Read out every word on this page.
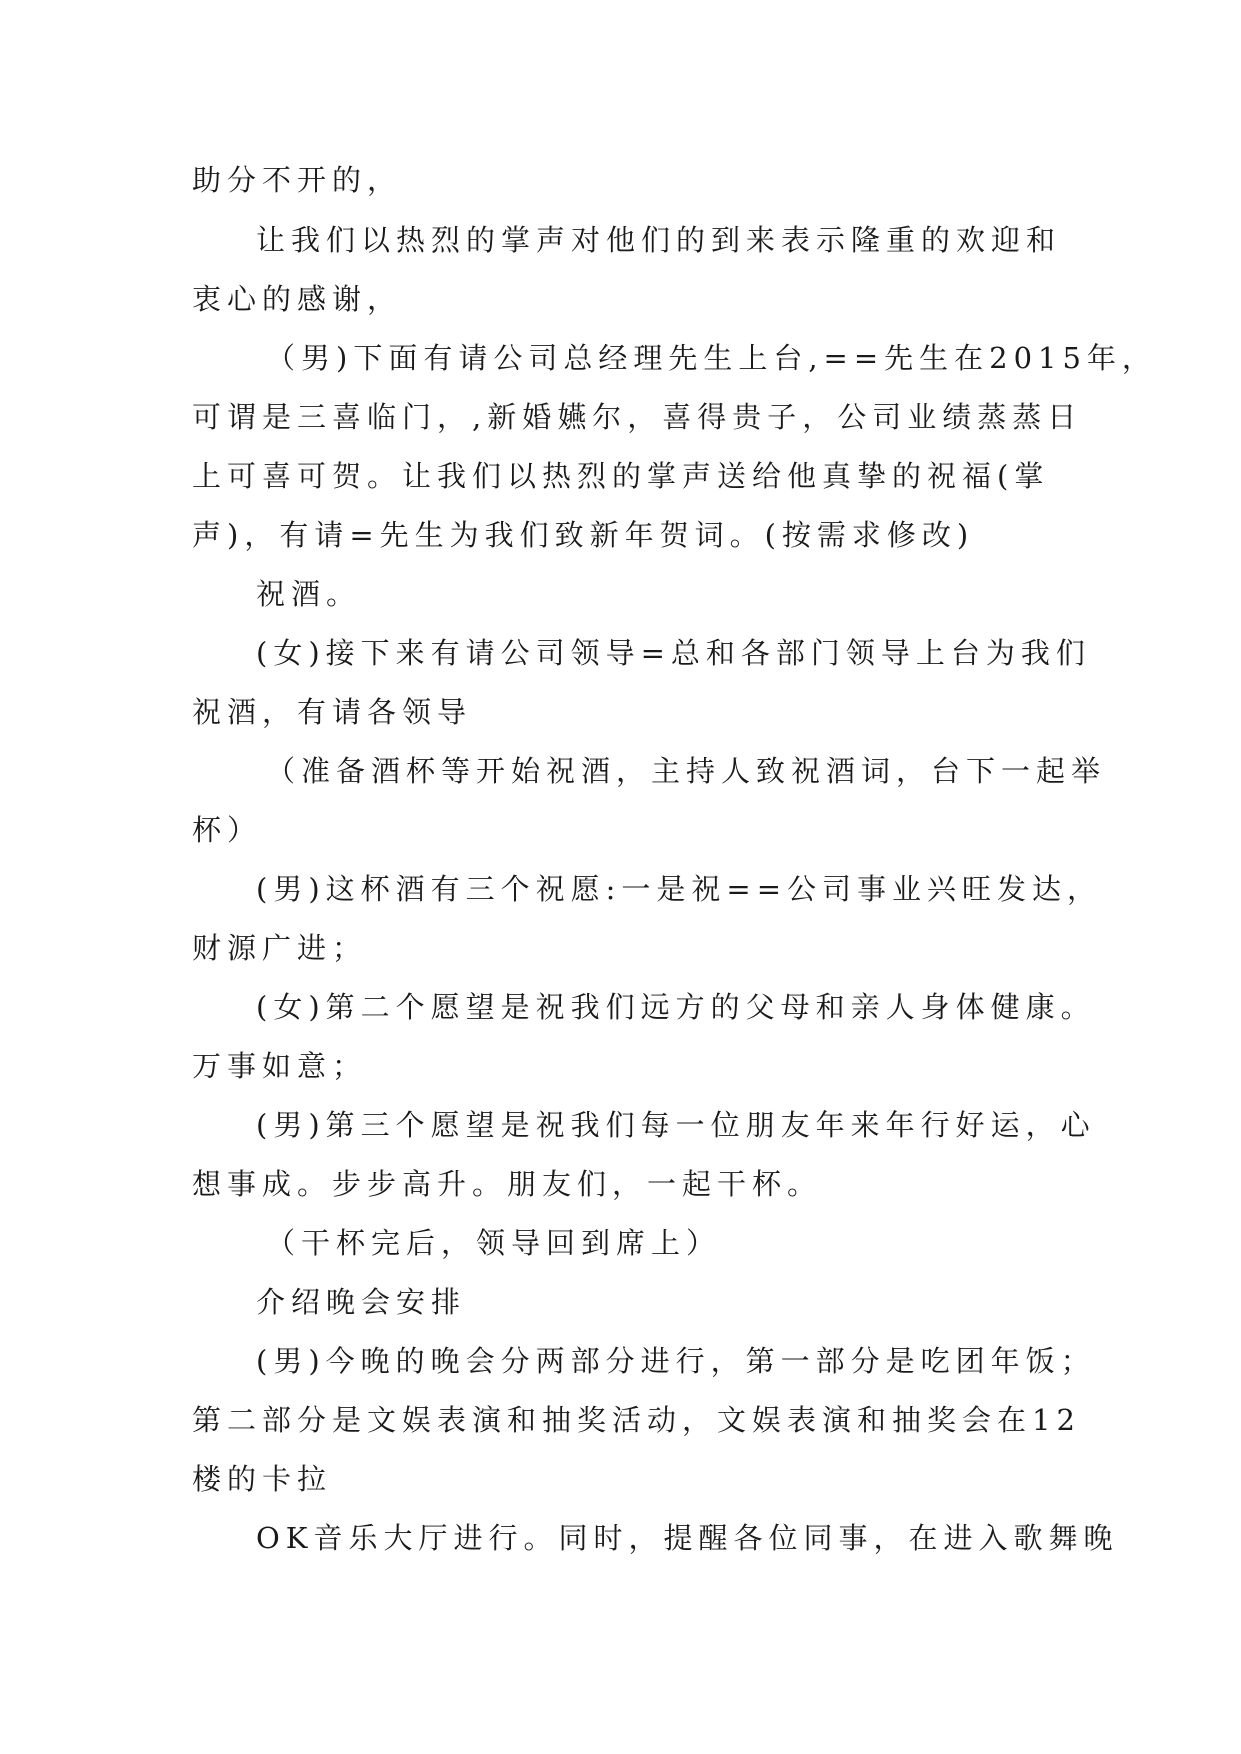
助分不开的，
让我们以热烈的掌声对他们的到来表示隆重的欢迎和
衷心的感谢，
（男)下面有请公司总经理先生上台,==先生在2015年，
可谓是三喜临门，,新婚嬿尔，喜得贵子，公司业绩蒸蒸日
上可喜可贺。让我们以热烈的掌声送给他真挚的祝福(掌
声)，有请=先生为我们致新年贺词。(按需求修改)
祝酒。
(女)接下来有请公司领导=总和各部门领导上台为我们
祝酒，有请各领导
（准备酒杯等开始祝酒，主持人致祝酒词，台下一起举
杯）
(男)这杯酒有三个祝愿:一是祝==公司事业兴旺发达，
财源广进；
(女)第二个愿望是祝我们远方的父母和亲人身体健康。
万事如意；
(男)第三个愿望是祝我们每一位朋友年来年行好运，心
想事成。步步高升。朋友们，一起干杯。
（干杯完后，领导回到席上）
介绍晚会安排
(男)今晚的晚会分两部分进行，第一部分是吃团年饭；
第二部分是文娱表演和抽奖活动，文娱表演和抽奖会在12
楼的卡拉
OK音乐大厅进行。同时，提醒各位同事，在进入歌舞晚
